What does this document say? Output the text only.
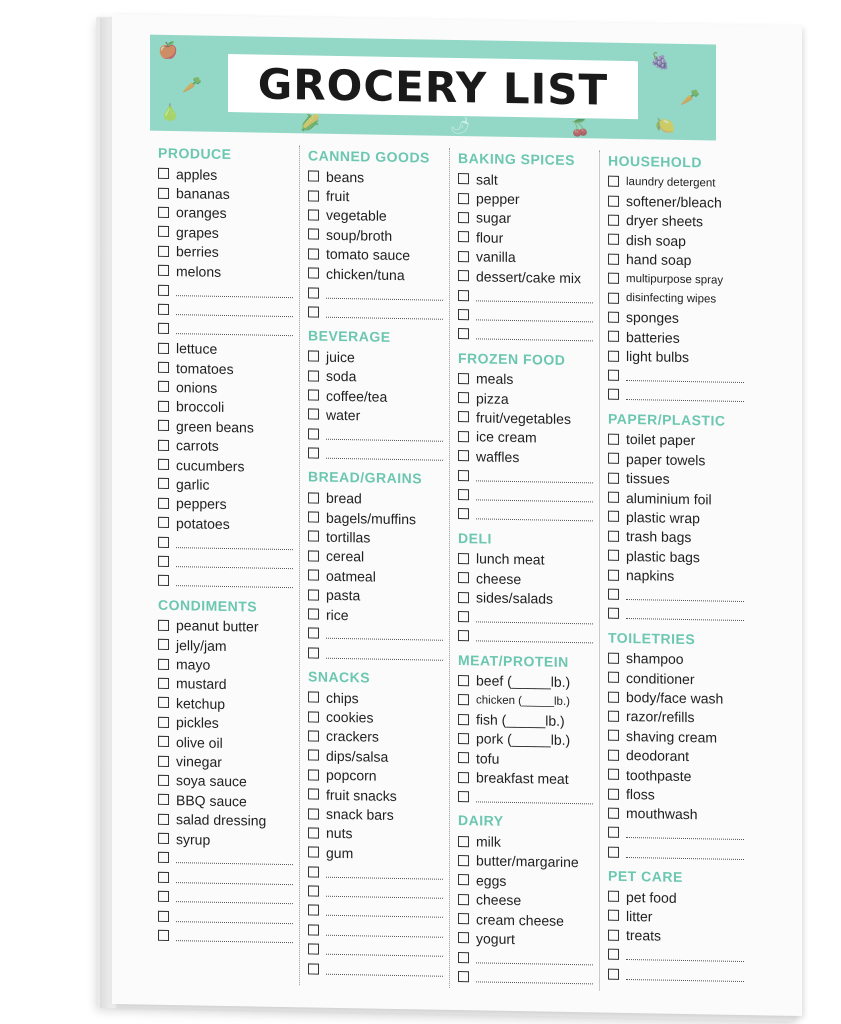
🍎
🥕
🍐
🍇
🥕
🍋
🌽	🌶	🍒
GROCERY LIST
PRODUCE
apples
bananas
oranges
grapes
berries
melons
lettuce
tomatoes
onions
broccoli
green beans
carrots
cucumbers
garlic
peppers
potatoes
CONDIMENTS
peanut butter
jelly/jam
mayo
mustard
ketchup
pickles
olive oil
vinegar
soya sauce
BBQ sauce
salad dressing
syrup
CANNED GOODS
beans
fruit
vegetable
soup/broth
tomato sauce
chicken/tuna
BEVERAGE
juice
soda
coffee/tea
water
BREAD/GRAINS
bread
bagels/muffins
tortillas
cereal
oatmeal
pasta
rice
SNACKS
chips
cookies
crackers
dips/salsa
popcorn
fruit snacks
snack bars
nuts
gum
BAKING SPICES
salt
pepper
sugar
flour
vanilla
dessert/cake mix
FROZEN FOOD
meals
pizza
fruit/vegetables
ice cream
waffles
DELI
lunch meat
cheese
sides/salads
MEAT/PROTEIN
beef (_____lb.)
chicken (_____lb.)
fish (_____lb.)
pork (_____lb.)
tofu
breakfast meat
DAIRY
milk
butter/margarine
eggs
cheese
cream cheese
yogurt
HOUSEHOLD
laundry detergent
softener/bleach
dryer sheets
dish soap
hand soap
multipurpose spray
disinfecting wipes
sponges
batteries
light bulbs
PAPER/PLASTIC
toilet paper
paper towels
tissues
aluminium foil
plastic wrap
trash bags
plastic bags
napkins
TOILETRIES
shampoo
conditioner
body/face wash
razor/refills
shaving cream
deodorant
toothpaste
floss
mouthwash
PET CARE
pet food
litter
treats
